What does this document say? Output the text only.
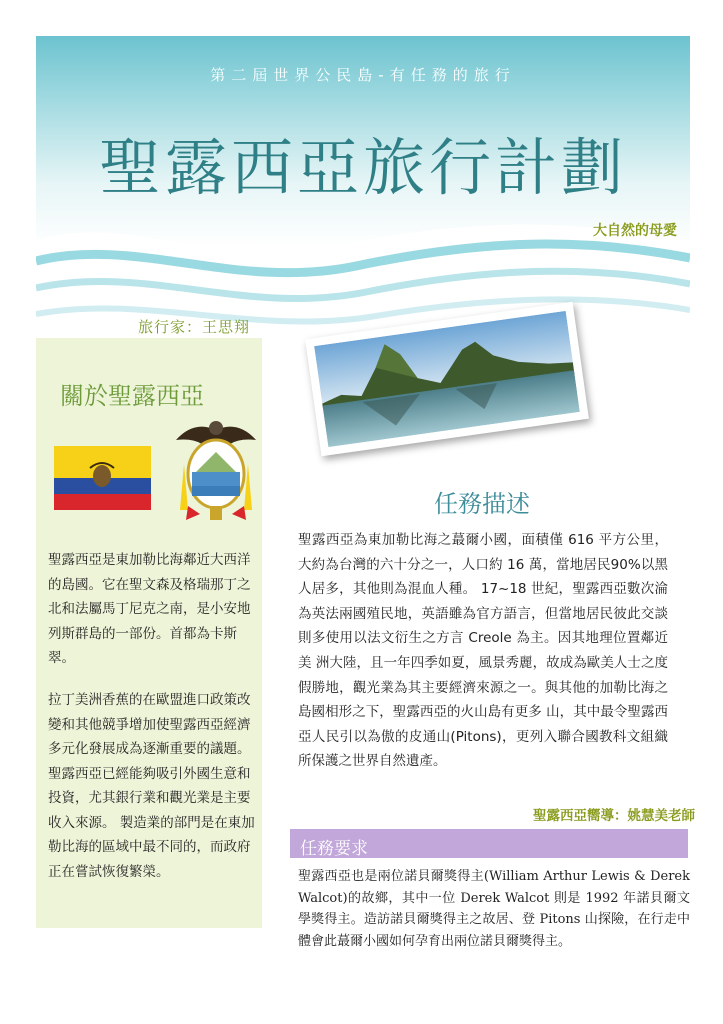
第二屆世界公民島-有任務的旅行
聖露西亞旅行計劃
大自然的母愛
旅行家：王思翔
關於聖露西亞
聖露西亞是東加勒比海鄰近大西洋的島國。它在聖文森及格瑞那丁之北和法屬馬丁尼克之南，是小安地列斯群島的一部份。首都為卡斯翠。
拉丁美洲香蕉的在歐盟進口政策改變和其他競爭增加使聖露西亞經濟多元化發展成為逐漸重要的議題。 聖露西亞已經能夠吸引外國生意和投資，尤其銀行業和觀光業是主要收入來源。 製造業的部門是在東加勒比海的區域中最不同的，而政府正在嘗試恢復繁榮。
任務描述
聖露西亞為東加勒比海之蕞爾小國，面積僅 616 平方公里，大約為台灣的六十分之一，人口約 16 萬，當地居民90%以黑人居多，其他則為混血人種。 17~18 世紀，聖露西亞數次淪為英法兩國殖民地，英語雖為官方語言，但當地居民彼此交談則多使用以法文衍生之方言 Creole 為主。因其地理位置鄰近美 洲大陸，且一年四季如夏，風景秀麗，故成為歐美人士之度假勝地，觀光業為其主要經濟來源之一。與其他的加勒比海之島國相形之下，聖露西亞的火山島有更多 山，其中最令聖露西亞人民引以為傲的皮通山(Pitons)，更列入聯合國教科文組織所保護之世界自然遺產。
聖露西亞嚮導：姚慧美老師
任務要求
聖露西亞也是兩位諾貝爾獎得主(William Arthur Lewis & Derek Walcot)的故鄉，其中一位 Derek Walcot 則是 1992 年諾貝爾文學獎得主。造訪諾貝爾獎得主之故居、登 Pitons 山探險，在行走中體會此蕞爾小國如何孕育出兩位諾貝爾獎得主。
